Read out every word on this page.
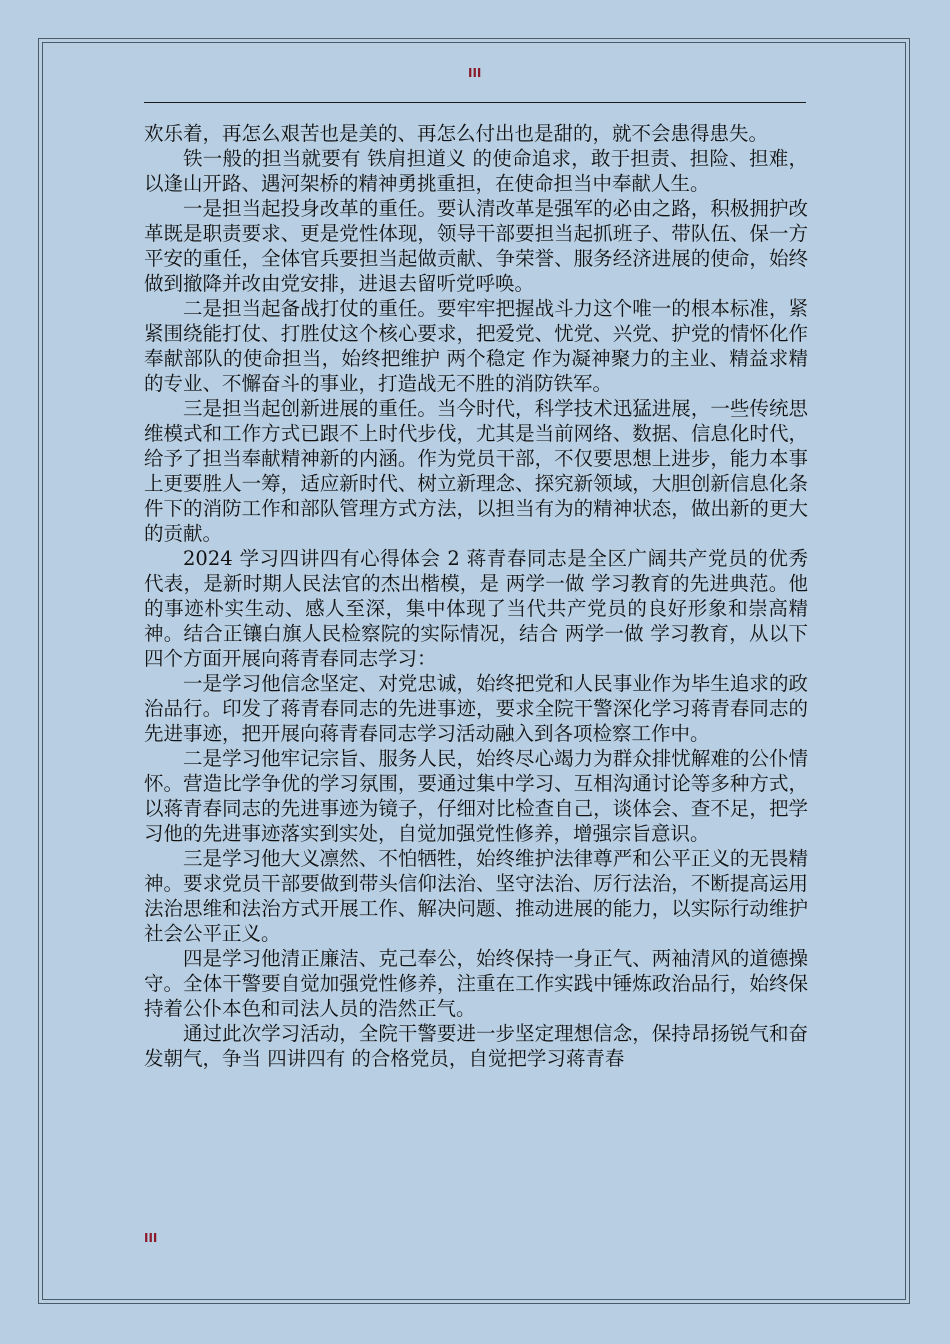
III

欢乐着，再怎么艰苦也是美的、再怎么付出也是甜的，就不会患得患失。

铁一般的担当就要有 铁肩担道义 的使命追求，敢于担责、担险、担难，以逢山开路、遇河架桥的精神勇挑重担，在使命担当中奉献人生。

一是担当起投身改革的重任。要认清改革是强军的必由之路，积极拥护改革既是职责要求、更是党性体现，领导干部要担当起抓班子、带队伍、保一方平安的重任，全体官兵要担当起做贡献、争荣誉、服务经济进展的使命，始终做到撤降并改由党安排，进退去留听党呼唤。

二是担当起备战打仗的重任。要牢牢把握战斗力这个唯一的根本标准，紧紧围绕能打仗、打胜仗这个核心要求，把爱党、忧党、兴党、护党的情怀化作奉献部队的使命担当，始终把维护 两个稳定 作为凝神聚力的主业、精益求精的专业、不懈奋斗的事业，打造战无不胜的消防铁军。

三是担当起创新进展的重任。当今时代，科学技术迅猛进展，一些传统思维模式和工作方式已跟不上时代步伐，尤其是当前网络、数据、信息化时代，给予了担当奉献精神新的内涵。作为党员干部，不仅要思想上进步，能力本事上更要胜人一筹，适应新时代、树立新理念、探究新领域，大胆创新信息化条件下的消防工作和部队管理方式方法，以担当有为的精神状态，做出新的更大的贡献。

2024 学习四讲四有心得体会 2 蒋青春同志是全区广阔共产党员的优秀代表，是新时期人民法官的杰出楷模，是 两学一做 学习教育的先进典范。他的事迹朴实生动、感人至深，集中体现了当代共产党员的良好形象和崇高精神。结合正镶白旗人民检察院的实际情况，结合 两学一做 学习教育，从以下四个方面开展向蒋青春同志学习：

一是学习他信念坚定、对党忠诚，始终把党和人民事业作为毕生追求的政治品行。印发了蒋青春同志的先进事迹，要求全院干警深化学习蒋青春同志的先进事迹，把开展向蒋青春同志学习活动融入到各项检察工作中。

二是学习他牢记宗旨、服务人民，始终尽心竭力为群众排忧解难的公仆情怀。营造比学争优的学习氛围，要通过集中学习、互相沟通讨论等多种方式，以蒋青春同志的先进事迹为镜子，仔细对比检查自己，谈体会、查不足，把学习他的先进事迹落实到实处，自觉加强党性修养，增强宗旨意识。

三是学习他大义凛然、不怕牺牲，始终维护法律尊严和公平正义的无畏精神。要求党员干部要做到带头信仰法治、坚守法治、厉行法治，不断提高运用法治思维和法治方式开展工作、解决问题、推动进展的能力，以实际行动维护社会公平正义。

四是学习他清正廉洁、克己奉公，始终保持一身正气、两袖清风的道德操守。全体干警要自觉加强党性修养，注重在工作实践中锤炼政治品行，始终保持着公仆本色和司法人员的浩然正气。

通过此次学习活动，全院干警要进一步坚定理想信念，保持昂扬锐气和奋发朝气，争当 四讲四有 的合格党员，自觉把学习蒋青春

III
